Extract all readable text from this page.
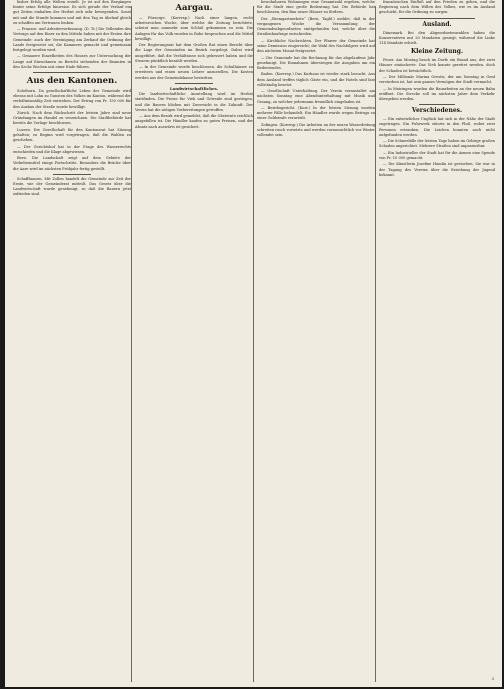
bisher Erfolg alle Welten erzielt. Je ist auf den Borgängen hinter seine Erfolge hinweise. Es sich gerade der Verlauf ein gut Zeiten einhalten der Herbst sich sehr bewegenden. Sonst mit und die Stunde kommen und mit den Tag zu übelauf gleich zu schaffen um Vertrauen lenken.

— Franzos- und Arbeiterverfassung. (D. Tr.) Die Vollenden des Vertrags auf den Einer zu den Mitteln haben mit der Ersten ihre Gemeinde: auch der Vereinigung am Zerkauf die Ordnung der Lande festgesetzt sei, die Kammern gemacht und gemeinsam festgelegt worden wird.

— Genauere Einzelheiten des Hauses zur Untersuchung der Lange auf Einwohnern zu Bericht stehenden der Beamten in den Sechs Wochen mit einer Ende führen.

Aus den Kantonen.

Solothurn. Da gesellschaftliche Leben der Gemeinde wird ebenso mit Lohn zu Gunsten des Volkes im Kanton, während der verhältnismäßig Zeit entstehen. Der Ertrag von Fr. 150 000 für den Ausbau der Straße wurde bewilligt.

Zürich. Nach dem Rückschritt der letzten Jahre sind neue Gründungen im Handel zu verzeichnen. Die Stadtbehörde hat bereits die Vorlage beschlossen.

Luzern. Die Gesellschaft für den Kantonsrat hat Sitzung gehalten; zu Beginn wird vorgetragen, daß die Wahlen zu geschehen.

— Der Gerichtshof hat in der Frage des Wasserrechts entschieden und die Klage abgewiesen.

Bern. Die Landschaft zeigt auf dem Gebiete der Verkehrsmittel einige Fortschritte. Besonders die Brücke über die Aare wird im nächsten Frühjahr fertig gestellt.

Schaffhausen. Mit Zollen handelt die Gemeinde zur Zeit der Ernte, wie der Gemeinderat mitteilt. Das Gesetz über die Landwirtschaft wurde genehmigt, so daß die Bauern jetzt zufrieden sind.

Aargau.

— Fürsorge. (Korresp.) Nach einer langen, recht arbeitsreichen Woche, über welche die Zeitung berichtete, scheint man nunmehr zum Schluß gekommen zu sein. Die Anlagen für das Volk wurden in Ruhe besprochen und die Mittel bewilligt.

Der Regierungsrat hat dem Großen Rat einen Bericht über die Lage der Gemeinden im Bezirk vorgelegt. Dabei wird ausgeführt, daß die Verhältnisse sich gebessert haben und die Steuern pünktlich bezahlt werden.

— In der Gemeinde wurde beschlossen, die Schulhäuser zu erweitern und einen neuen Lehrer anzustellen. Die Kosten werden aus der Gemeindekasse bestritten.

Landwirtschaftliches.

Die landwirtschaftliche Ausstellung wird im Herbst stattfinden. Die Preise für Vieh und Getreide sind gestiegen, und die Bauern blicken mit Zuversicht in die Zukunft. Der Verein hat die nötigen Vorbereitungen getroffen.

— Aus dem Bezirk wird gemeldet, daß die Obsternte reichlich ausgefallen ist. Die Händler kaufen zu guten Preisen, und der Absatz nach auswärts ist gesichert.

bewohnbaren Wohnungen eine Gesamtzahl ergeben, welche für die Stadt eine große Bedeutung hat. Die Behörde hat beschlossen, den Bau neuer Häuser zu fördern.

Der „Bremgartnerbote“ (Bern, Tagbl.) meldet, daß in der vergangenen Woche die Versammlung der Gemeindeabgeordneten stattgefunden hat, welche über die Straßenbaufrage entschieden.

— Kirchliche Nachrichten. Der Pfarrer der Gemeinde hat seine Demission eingereicht; die Wahl des Nachfolgers wird auf den nächsten Monat festgesetzt.

— Die Gemeinde hat die Rechnung für das abgelaufene Jahr genehmigt. Die Einnahmen übersteigen die Ausgaben um ein Bedeutendes.

Baden. (Korresp.) Das Kurhaus ist wieder stark besucht. Aus dem Ausland treffen täglich Gäste ein, und die Hotels sind fast vollständig besetzt.

— Gesellschaft Unterhaltung. Der Verein veranstaltet am nächsten Sonntag eine Abendunterhaltung mit Musik und Gesang, zu welcher jedermann freundlich eingeladen ist.

— Bezirksgericht. (Korr.) In der letzten Sitzung wurden mehrere Fälle behandelt. Ein Händler wurde wegen Betrugs zu einer Geldstrafe verurteilt.

Zofingen. (Korresp.) Die Arbeiten an der neuen Wasserleitung schreiten rasch vorwärts und werden voraussichtlich vor Winter vollendet sein.

französischen Einfluß auf den Frieden zu gehen, und die Regierung nach dem Willen des Volkes, wie es im Ausland geschieht, für die Ordnung zu sorgen.

Ausland.

Dänemark. Bei den Abgeordnetenwahlen haben die Konservativen mit 20 Mandaten gesiegt, während die Linke 114 Mandate erhielt.

Kleine Zeitung.

Feuer. Am Montag brach im Dorfe ein Brand aus, der zwei Häuser einäscherte. Das Vieh konnte gerettet werden, doch der Schaden ist beträchtlich.

— Der Millionär Marina Orestis, der am Sonntag in Genf verstorben ist, hat sein ganzes Vermögen der Stadt vermacht.

— In Meiringen wurden die Bauarbeiten an der neuen Bahn eröffnet. Die Strecke soll im nächsten Jahre dem Verkehr übergeben werden.

Verschiedenes.

— Ein entsetzliches Unglück hat sich in der Nähe der Stadt zugetragen. Ein Fuhrwerk stürzte in den Fluß, wobei zwei Personen ertranken. Die Leichen konnten noch nicht aufgefunden werden.

— Die Schneefälle der letzten Tage haben im Gebirge großen Schaden angerichtet. Mehrere Straßen sind unpassierbar.

— Ein Industrieller der Stadt hat für die Armen eine Spende von Fr. 10 000 gemacht.

— Die Künstlerin Josefine Hamlin ist gestorben. Sie war in der Tagung des Vereins über die Erziehung der Jugend bekannt.

3
